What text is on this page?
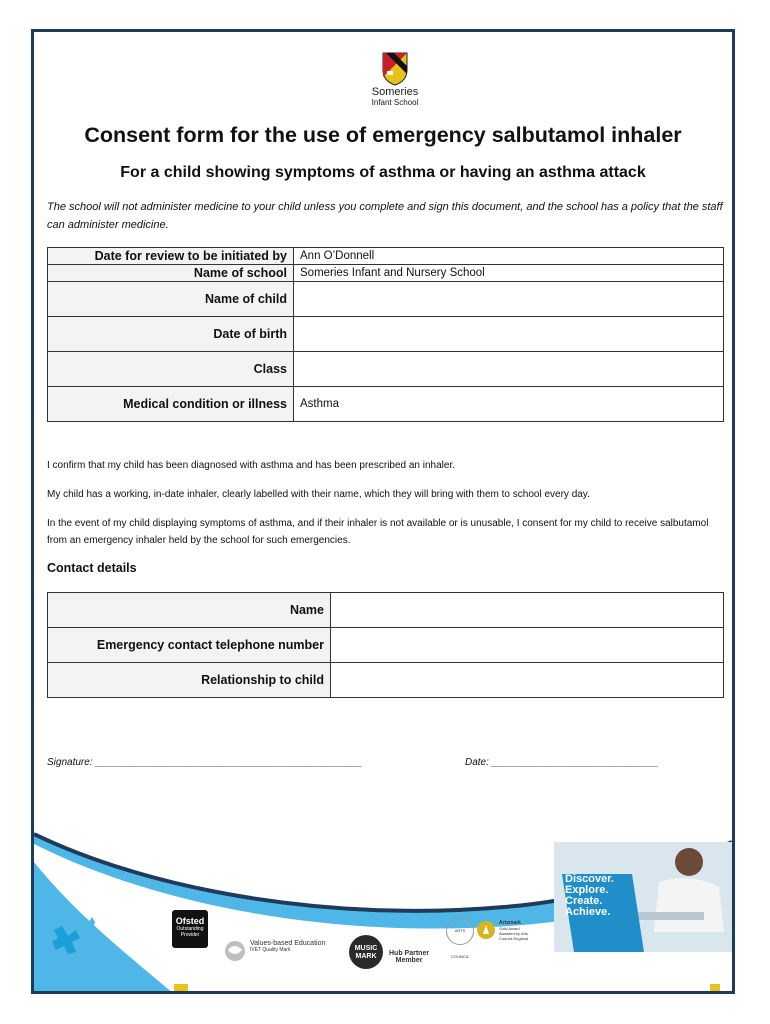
Someries
Infant School
Consent form for the use of emergency salbutamol inhaler
For a child showing symptoms of asthma or having an asthma attack
The school will not administer medicine to your child unless you complete and sign this document, and the school has a policy that the staff can administer medicine.
Date for review to be initiated by	Ann O’Donnell
Name of school	Someries Infant and Nursery School
Name of child	
Date of birth	
Class	
Medical condition or illness	Asthma
I confirm that my child has been diagnosed with asthma and has been prescribed an inhaler.
My child has a working, in-date inhaler, clearly labelled with their name, which they will bring with them to school every day.
In the event of my child displaying symptoms of asthma, and if their inhaler is not available or is unusable, I consent for my child to receive salbutamol from an emergency inhaler held by the school for such emergencies.
Contact details
Name	
Emergency contact telephone number	
Relationship to child	
Signature: ________________________________________________	Date: ______________________________
Discover.
Explore.
Create.
Achieve.
Ofsted
Outstanding
Provider
Values-based Education
IVET Quality Mark	MUSIC
MARK	Hub Partner
Member
ARTS COUNCIL
Artsmark
Gold Award
Awarded by Arts
Council England
